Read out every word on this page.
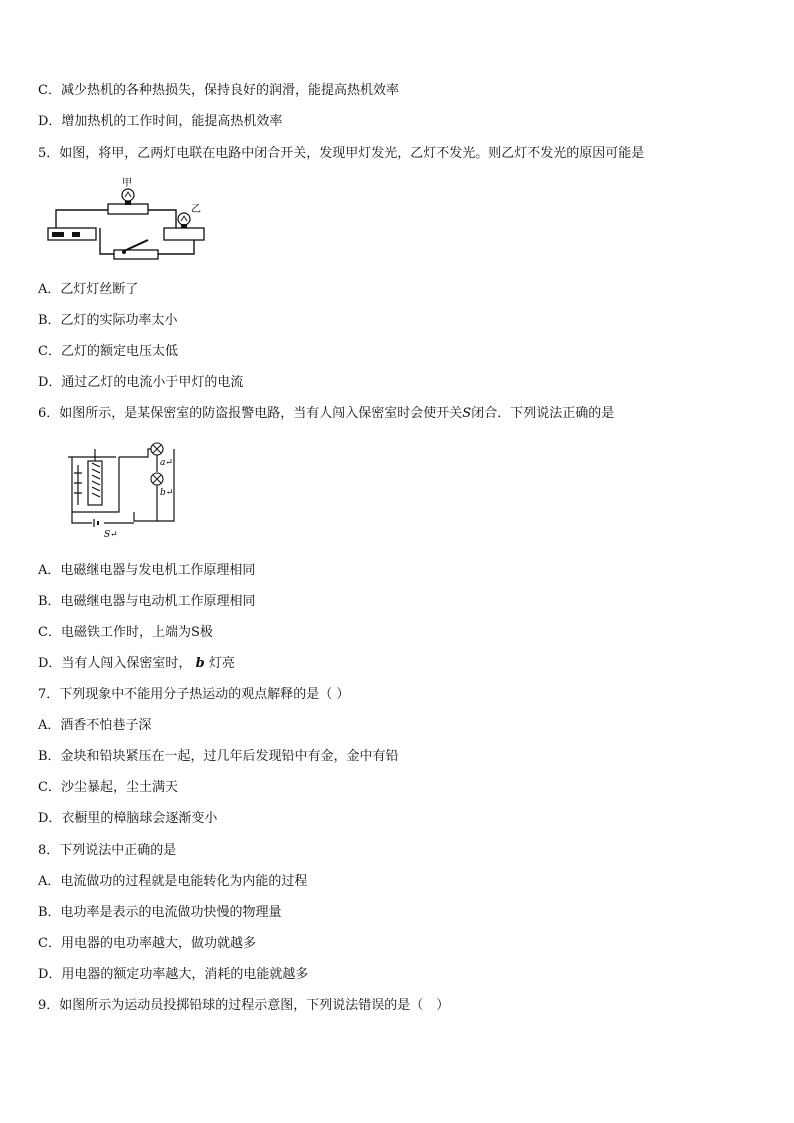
C．减少热机的各种热损失，保持良好的润滑，能提高热机效率
D．增加热机的工作时间，能提高热机效率
5．如图，将甲，乙两灯电联在电路中闭合开关，发现甲灯发光，乙灯不发光。则乙灯不发光的原因可能是
甲
乙
A．乙灯灯丝断了
B．乙灯的实际功率太小
C．乙灯的额定电压太低
D．通过乙灯的电流小于甲灯的电流
6．如图所示，是某保密室的防盗报警电路，当有人闯入保密室时会使开关S闭合．下列说法正确的是
a↵
b↵
S↵
A．电磁继电器与发电机工作原理相同
B．电磁继电器与电动机工作原理相同
C．电磁铁工作时，上端为S极
D．当有人闯入保密室时， b 灯亮
7．下列现象中不能用分子热运动的观点解释的是（ ）
A．酒香不怕巷子深
B．金块和铅块紧压在一起，过几年后发现铅中有金，金中有铅
C．沙尘暴起，尘土满天
D．衣橱里的樟脑球会逐渐变小
8．下列说法中正确的是
A．电流做功的过程就是电能转化为内能的过程
B．电功率是表示的电流做功快慢的物理量
C．用电器的电功率越大，做功就越多
D．用电器的额定功率越大，消耗的电能就越多
9．如图所示为运动员投掷铅球的过程示意图，下列说法错误的是（　）
